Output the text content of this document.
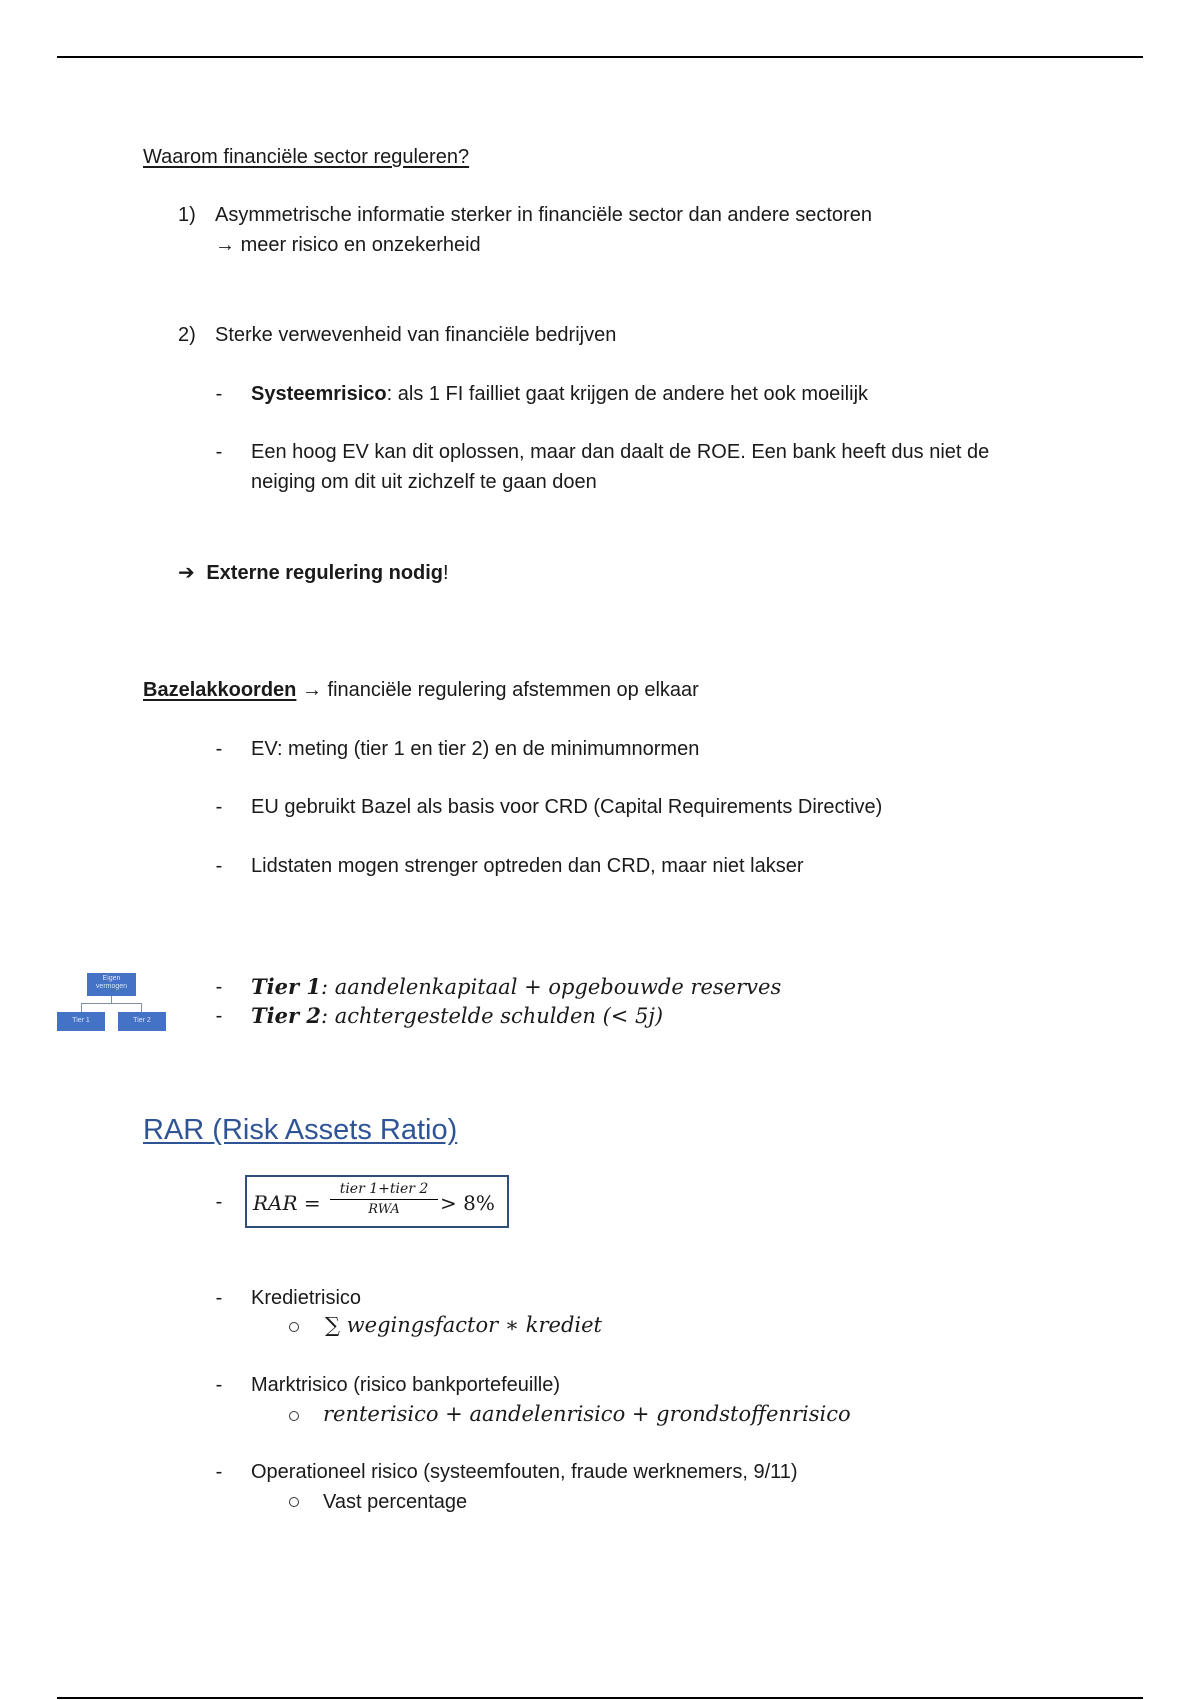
Waarom financiële sector reguleren?
1) Asymmetrische informatie sterker in financiële sector dan andere sectoren
→ meer risico en onzekerheid
2) Sterke verwevenheid van financiële bedrijven
-	Systeemrisico: als 1 FI failliet gaat krijgen de andere het ook moeilijk
-	Een hoog EV kan dit oplossen, maar dan daalt de ROE. Een bank heeft dus niet de
neiging om dit uit zichzelf te gaan doen
➔ Externe regulering nodig!
Bazelakkoorden → financiële regulering afstemmen op elkaar
-	EV: meting (tier 1 en tier 2) en de minimumnormen
-	EU gebruikt Bazel als basis voor CRD (Capital Requirements Directive)
-	Lidstaten mogen strenger optreden dan CRD, maar niet lakser
Eigen vermogen
Tier 1	Tier 2
-	Tier 1: aandelenkapitaal + opgebouwde reserves
-	Tier 2: achtergestelde schulden (< 5j)
RAR (Risk Assets Ratio)
-	RAR =
tier 1+tier 2
RWA	> 8%
-	Kredietrisico
∑ wegingsfactor ∗ krediet
-	Marktrisico (risico bankportefeuille)
renterisico + aandelenrisico + grondstoffenrisico
-	Operationeel risico (systeemfouten, fraude werknemers, 9/11)
Vast percentage
